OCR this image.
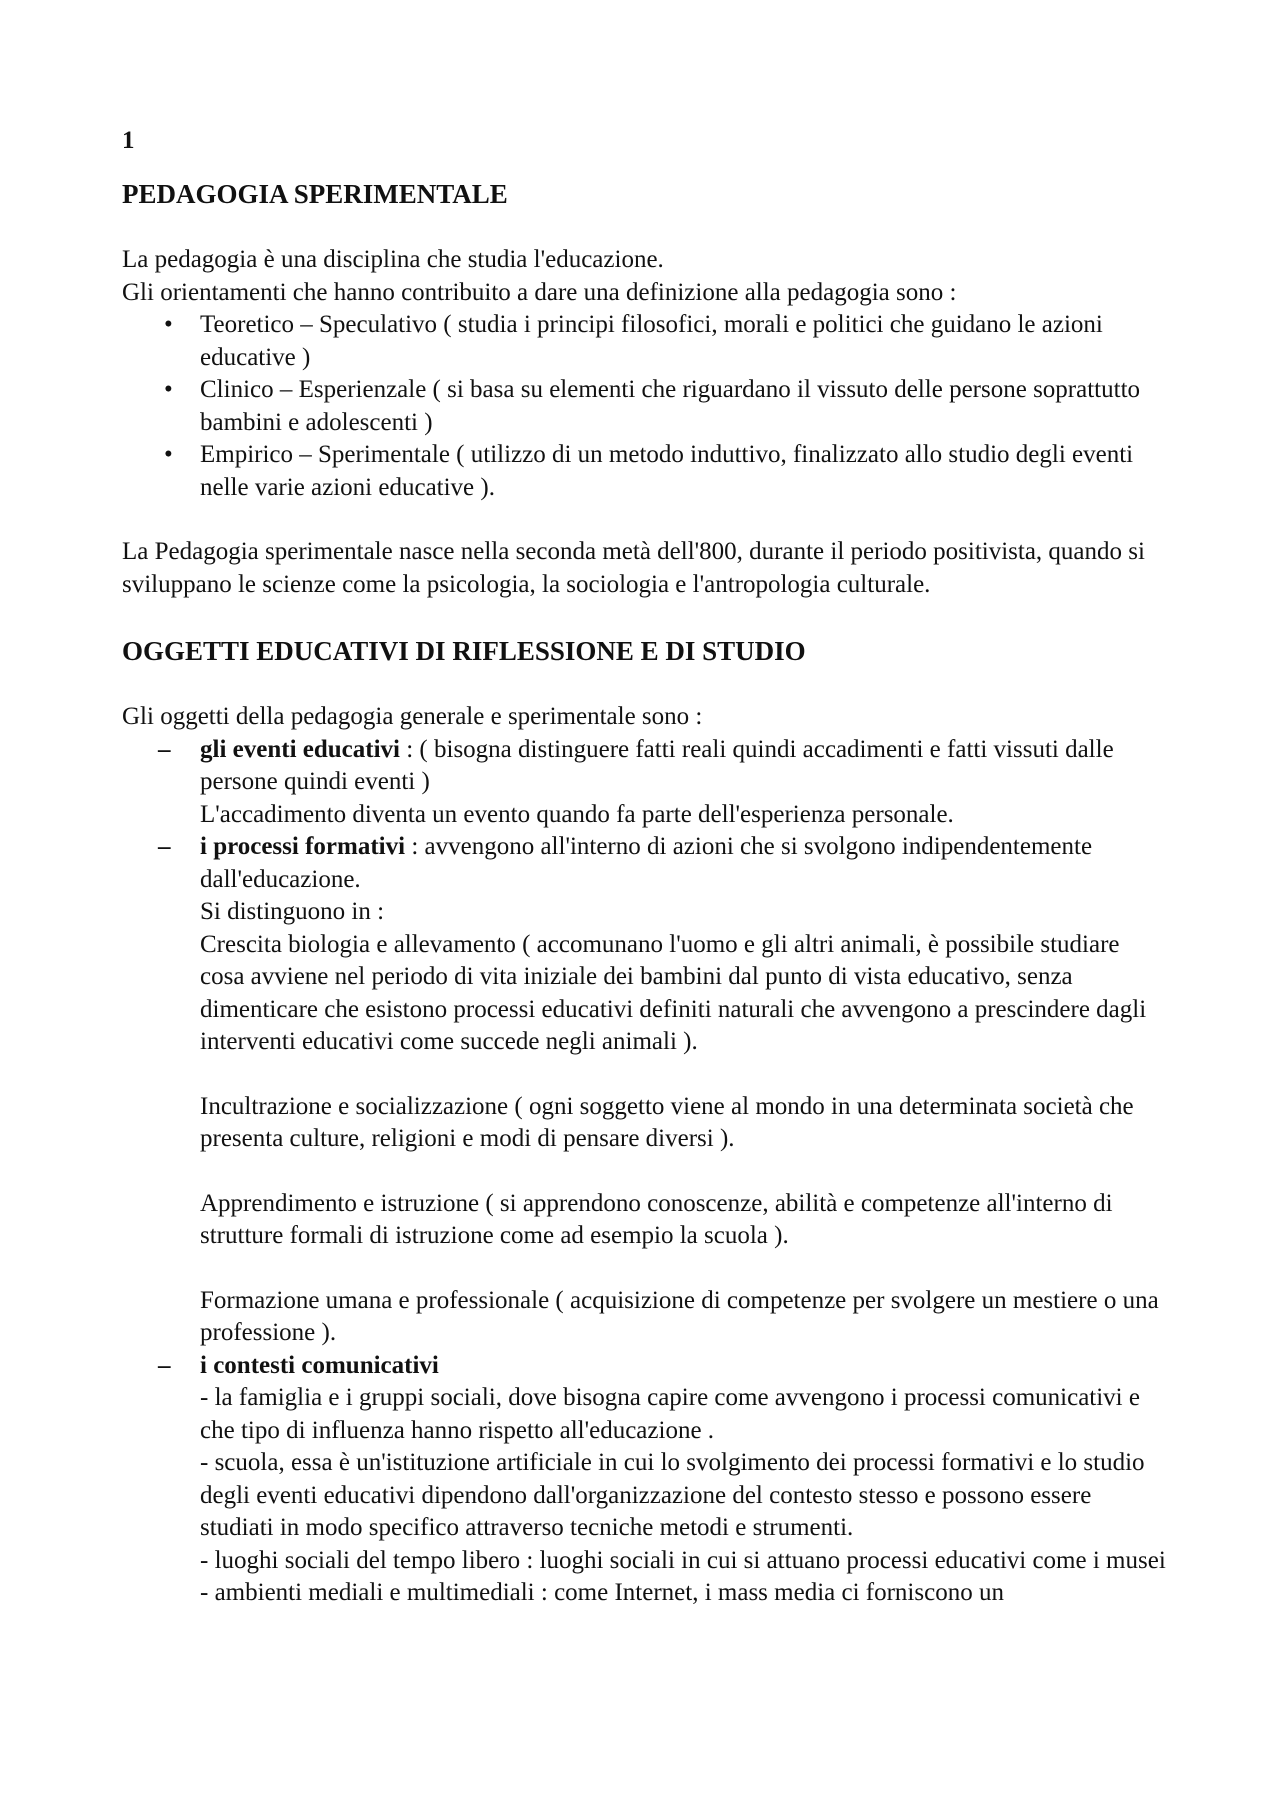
1

PEDAGOGIA SPERIMENTALE

La pedagogia è una disciplina che studia l'educazione.

Gli orientamenti che hanno contribuito a dare una definizione alla pedagogia sono :

• Teoretico – Speculativo ( studia i principi filosofici, morali e politici che guidano le azioni educative )
• Clinico – Esperienzale ( si basa su elementi che riguardano il vissuto delle persone soprattutto bambini e adolescenti )
• Empirico – Sperimentale ( utilizzo di un metodo induttivo, finalizzato allo studio degli eventi nelle varie azioni educative ).

La Pedagogia sperimentale nasce nella seconda metà dell'800, durante il periodo positivista, quando si sviluppano le scienze come la psicologia, la sociologia e l'antropologia culturale.

OGGETTI EDUCATIVI DI RIFLESSIONE E DI STUDIO

Gli oggetti della pedagogia generale e sperimentale sono :

– gli eventi educativi : ( bisogna distinguere fatti reali quindi accadimenti e fatti vissuti dalle persone quindi eventi )

L'accadimento diventa un evento quando fa parte dell'esperienza personale.

– i processi formativi : avvengono all'interno di azioni che si svolgono indipendentemente dall'educazione.

Si distinguono in :

Crescita biologia e allevamento ( accomunano l'uomo e gli altri animali, è possibile studiare cosa avviene nel periodo di vita iniziale dei bambini dal punto di vista educativo, senza dimenticare che esistono processi educativi definiti naturali che avvengono a prescindere dagli interventi educativi come succede negli animali ).

Incultrazione e socializzazione ( ogni soggetto viene al mondo in una determinata società che presenta culture, religioni e modi di pensare diversi ).

Apprendimento e istruzione ( si apprendono conoscenze, abilità e competenze all'interno di strutture formali di istruzione come ad esempio la scuola ).

Formazione umana e professionale ( acquisizione di competenze per svolgere un mestiere o una professione ).

– i contesti comunicativi

- la famiglia e i gruppi sociali, dove bisogna capire come avvengono i processi comunicativi e che tipo di influenza hanno rispetto all'educazione .

- scuola, essa è un'istituzione artificiale in cui lo svolgimento dei processi formativi e lo studio degli eventi educativi dipendono dall'organizzazione del contesto stesso e possono essere studiati in modo specifico attraverso tecniche metodi e strumenti.

- luoghi sociali del tempo libero : luoghi sociali in cui si attuano processi educativi come i musei

- ambienti mediali e multimediali : come Internet, i mass media ci forniscono un
